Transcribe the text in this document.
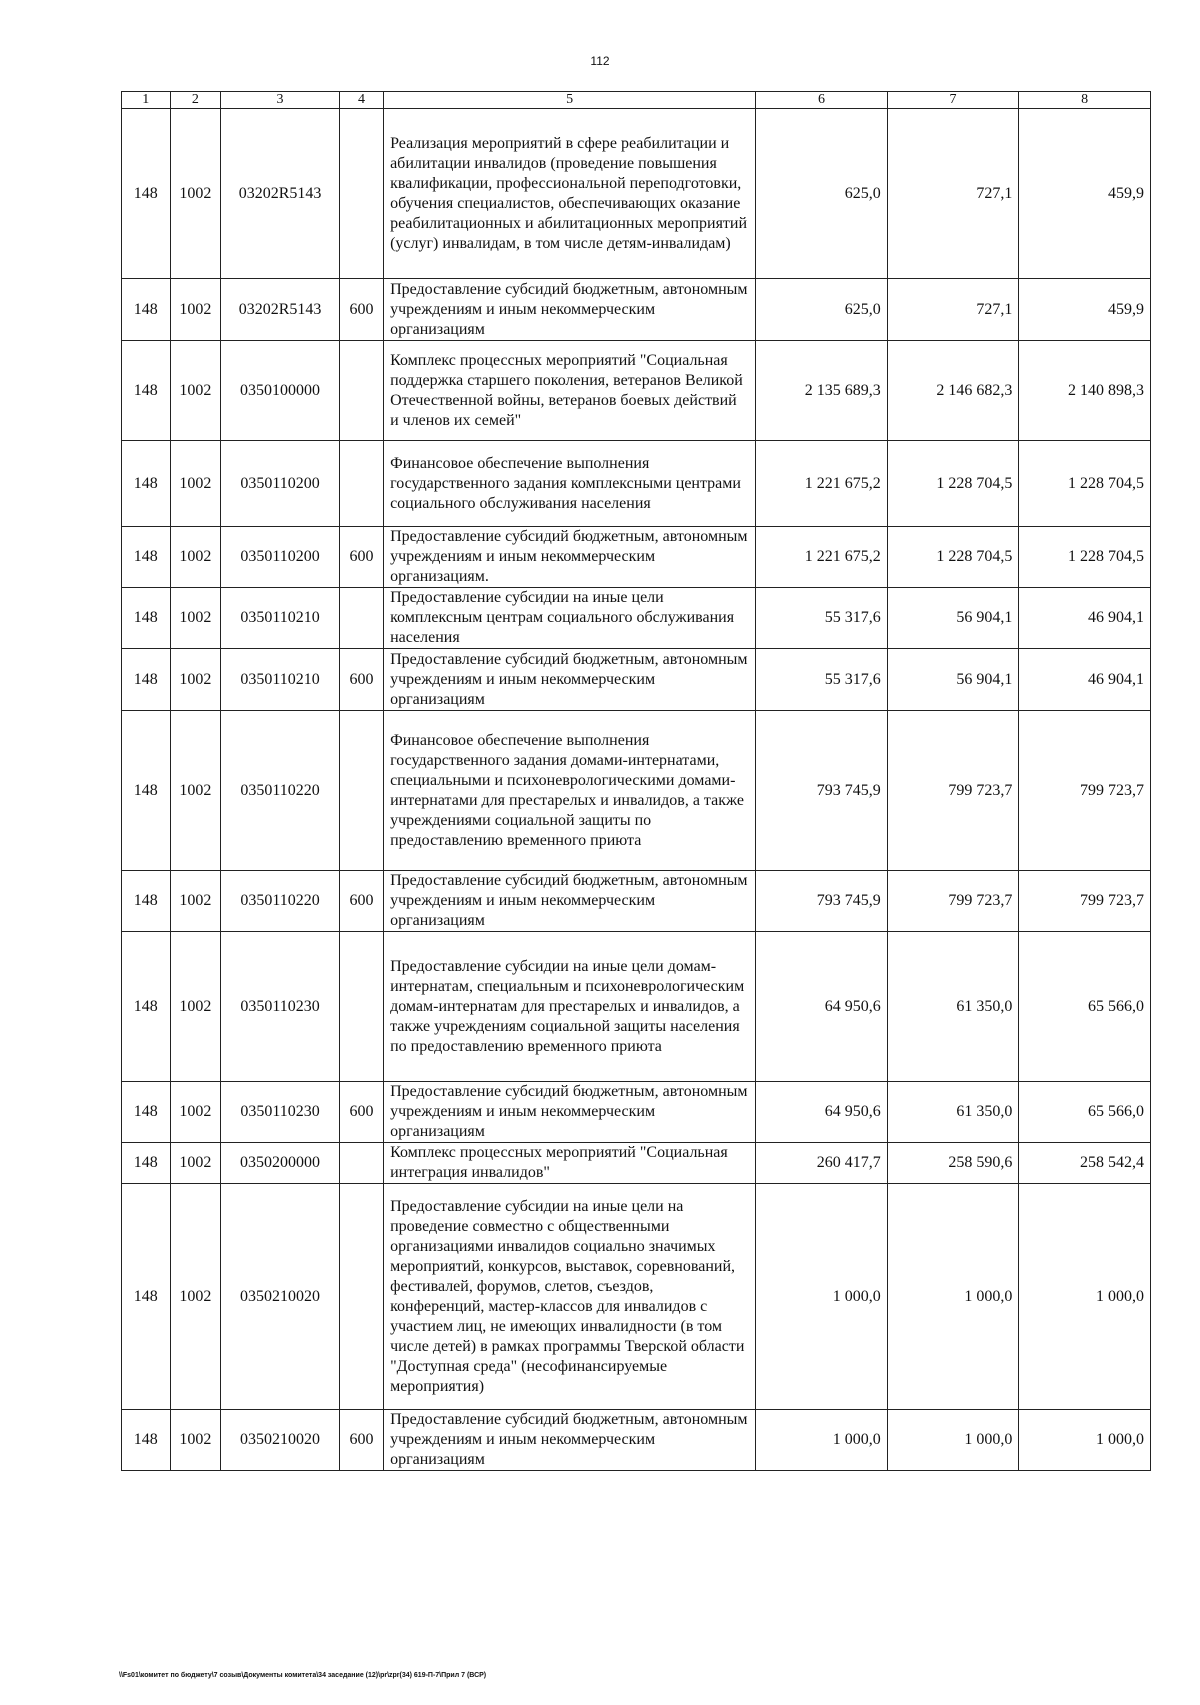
112
1	2	3	4	5	6	7	8
148	1002	03202R5143		Реализация мероприятий в сфере реабилитации и абилитации инвалидов (проведение повышения квалификации, профессиональной переподготовки, обучения специалистов, обеспечивающих оказание реабилитационных и абилитационных мероприятий (услуг) инвалидам, в том числе детям-инвалидам)	625,0	727,1	459,9
148	1002	03202R5143	600	Предоставление субсидий бюджетным, автономным учреждениям и иным некоммерческим организациям	625,0	727,1	459,9
148	1002	0350100000		Комплекс процессных мероприятий "Социальная поддержка старшего поколения, ветеранов Великой Отечественной войны, ветеранов боевых действий и членов их семей"	2 135 689,3	2 146 682,3	2 140 898,3
148	1002	0350110200		Финансовое обеспечение выполнения государственного задания комплексными центрами социального обслуживания населения	1 221 675,2	1 228 704,5	1 228 704,5
148	1002	0350110200	600	Предоставление субсидий бюджетным, автономным учреждениям и иным некоммерческим организациям.	1 221 675,2	1 228 704,5	1 228 704,5
148	1002	0350110210		Предоставление субсидии на иные цели комплексным центрам социального обслуживания населения	55 317,6	56 904,1	46 904,1
148	1002	0350110210	600	Предоставление субсидий бюджетным, автономным учреждениям и иным некоммерческим организациям	55 317,6	56 904,1	46 904,1
148	1002	0350110220		Финансовое обеспечение выполнения государственного задания домами-интернатами, специальными и психоневрологическими домами-интернатами для престарелых и инвалидов, а также учреждениями социальной защиты по предоставлению временного приюта	793 745,9	799 723,7	799 723,7
148	1002	0350110220	600	Предоставление субсидий бюджетным, автономным учреждениям и иным некоммерческим организациям	793 745,9	799 723,7	799 723,7
148	1002	0350110230		Предоставление субсидии на иные цели домам-интернатам, специальным и психоневрологическим домам-интернатам для престарелых и инвалидов, а также учреждениям социальной защиты населения по предоставлению временного приюта	64 950,6	61 350,0	65 566,0
148	1002	0350110230	600	Предоставление субсидий бюджетным, автономным учреждениям и иным некоммерческим организациям	64 950,6	61 350,0	65 566,0
148	1002	0350200000		Комплекс процессных мероприятий "Социальная интеграция инвалидов"	260 417,7	258 590,6	258 542,4
148	1002	0350210020		Предоставление субсидии на иные цели на проведение совместно с общественными организациями инвалидов социально значимых мероприятий, конкурсов, выставок, соревнований, фестивалей, форумов, слетов, съездов, конференций, мастер-классов для инвалидов с участием лиц, не имеющих инвалидности (в том числе детей) в рамках программы Тверской области "Доступная среда" (несофинансируемые мероприятия)	1 000,0	1 000,0	1 000,0
148	1002	0350210020	600	Предоставление субсидий бюджетным, автономным учреждениям и иным некоммерческим организациям	1 000,0	1 000,0	1 000,0
\\Fs01\комитет по бюджету\7 созыв\Документы комитета\34 заседание (12)\pr\zpr(34) 619-П-7\Прил 7 (ВСР)
